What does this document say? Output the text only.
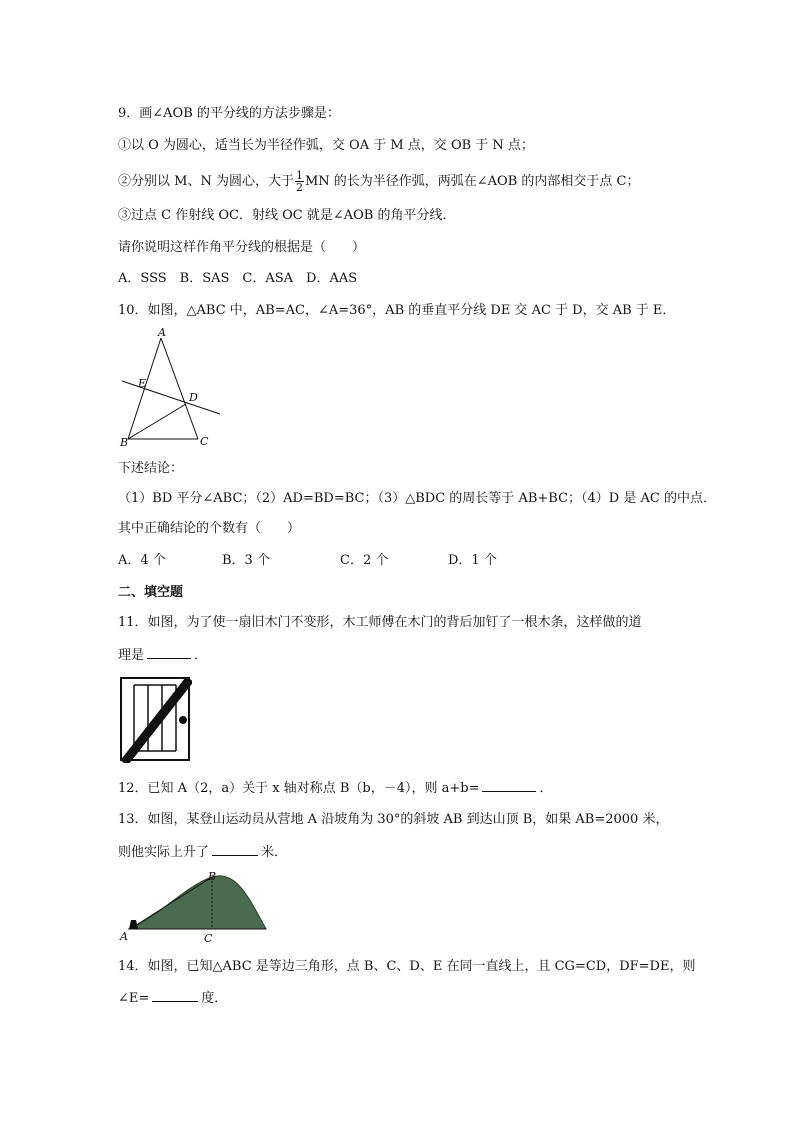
9．画∠AOB 的平分线的方法步骤是：
①以 O 为圆心，适当长为半径作弧，交 OA 于 M 点，交 OB 于 N 点；
②分别以 M、N 为圆心，大于 $\frac{1}{2}$ MN 的长为半径作弧，两弧在∠AOB 的内部相交于点 C；
③过点 C 作射线 OC．射线 OC 就是∠AOB 的角平分线．
请你说明这样作角平分线的根据是（　　）
A．SSS　B．SAS　C．ASA　D．AAS
10．如图，△ABC 中，AB=AC，∠A=36°，AB 的垂直平分线 DE 交 AC 于 D，交 AB 于 E．
A
B	C
D
E
下述结论：
（1）BD 平分∠ABC；（2）AD=BD=BC；（3）△BDC 的周长等于 AB+BC；（4）D 是 AC 的中点．
其中正确结论的个数有（　　）
A．4 个	B．3 个	C．2 个	D．1 个
二、填空题
11．如图，为了使一扇旧木门不变形，木工师傅在木门的背后加钉了一根木条，这样做的道
理是	．
12．已知 A（2，a）关于 x 轴对称点 B（b，－4），则 a+b=	．
13．如图，某登山运动员从营地 A 沿坡角为 30°的斜坡 AB 到达山顶 B，如果 AB=2000 米，
则他实际上升了	米．
A
B
C
14．如图，已知△ABC 是等边三角形，点 B、C、D、E 在同一直线上，且 CG=CD，DF=DE，则
∠E=	度．
